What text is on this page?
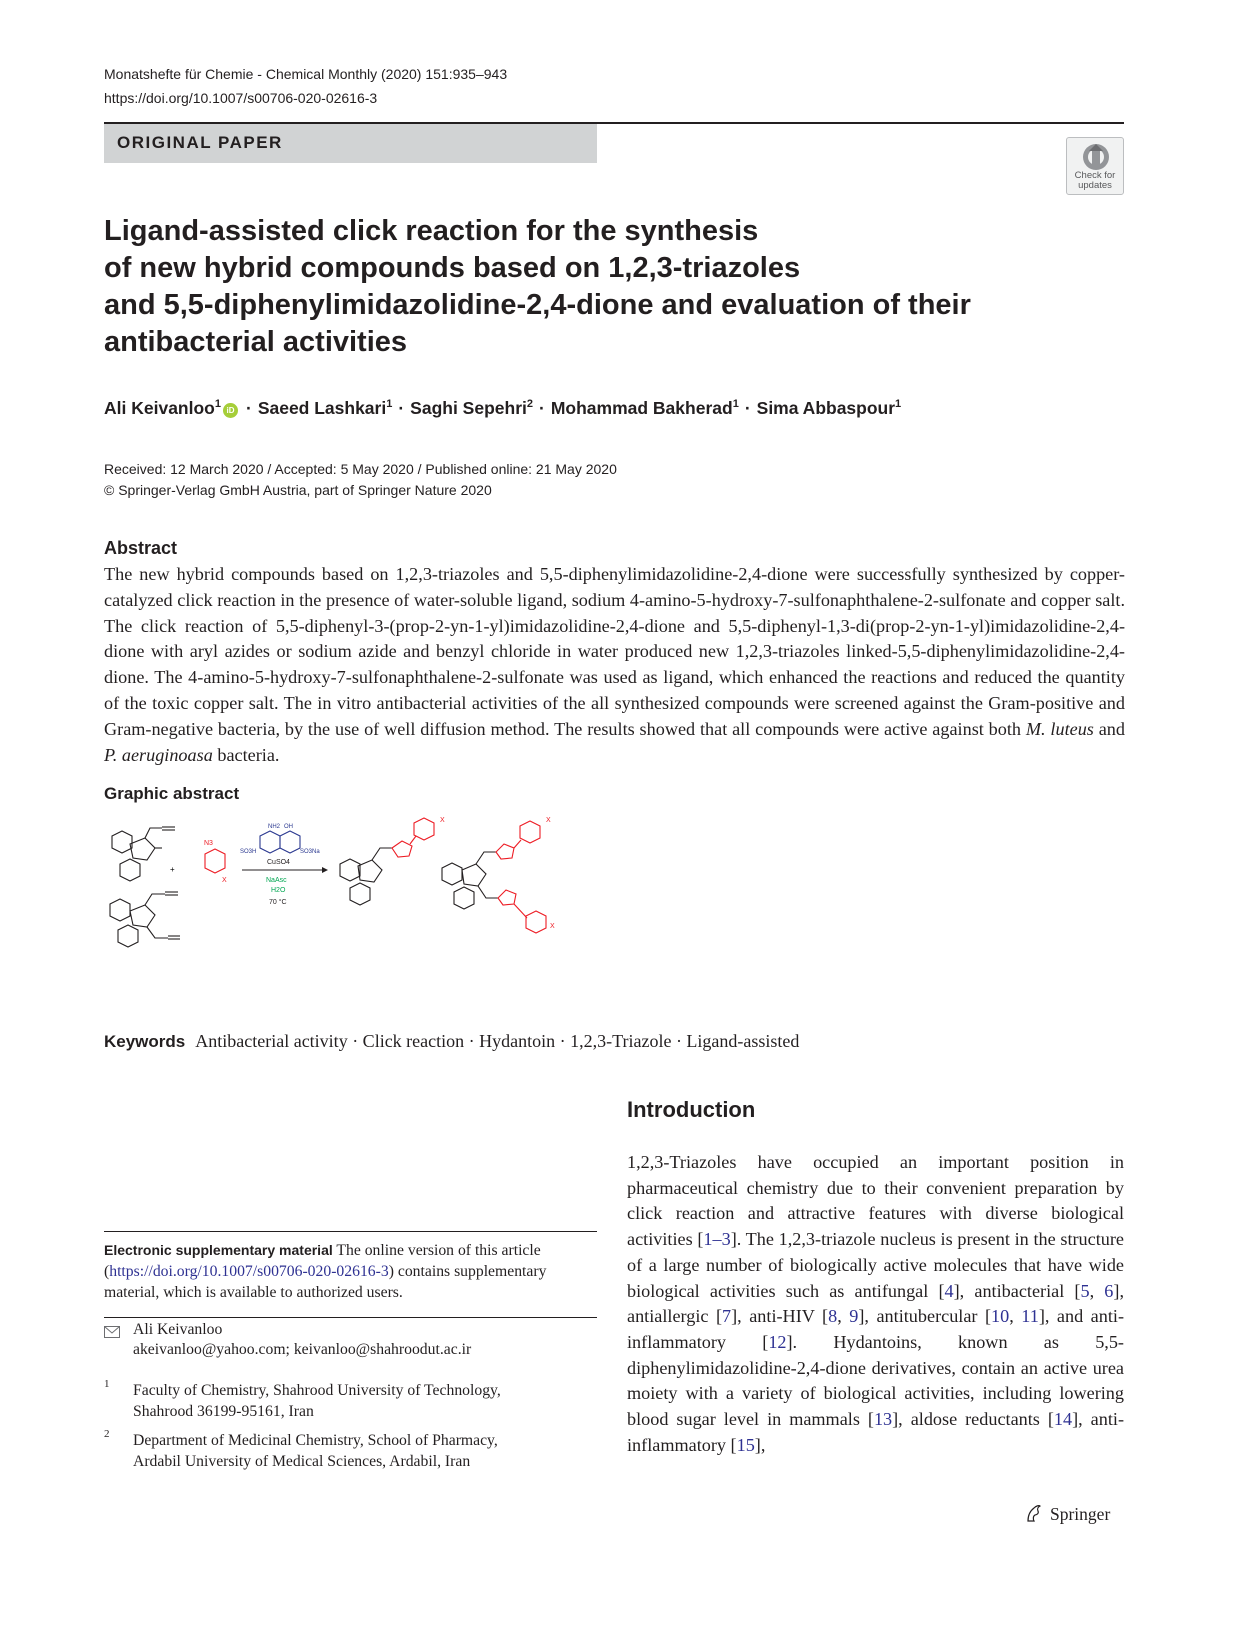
Monatshefte für Chemie - Chemical Monthly (2020) 151:935–943
https://doi.org/10.1007/s00706-020-02616-3
ORIGINAL PAPER
Check for
updates
Ligand-assisted click reaction for the synthesis
of new hybrid compounds based on 1,2,3-triazoles
and 5,5-diphenylimidazolidine-2,4-dione and evaluation of their
antibacterial activities
Ali Keivanloo$^1$iD · Saeed Lashkari$^1$ · Saghi Sepehri$^2$ · Mohammad Bakherad$^1$ · Sima Abbaspour$^1$
Received: 12 March 2020 / Accepted: 5 May 2020 / Published online: 21 May 2020
© Springer-Verlag GmbH Austria, part of Springer Nature 2020
Abstract

The new hybrid compounds based on 1,2,3-triazoles and 5,5-diphenylimidazolidine-2,4-dione were successfully synthesized by copper-catalyzed click reaction in the presence of water-soluble ligand, sodium 4-amino-5-hydroxy-7-sulfonaphthalene-2-sulfonate and copper salt. The click reaction of 5,5-diphenyl-3-(prop-2-yn-1-yl)imidazolidine-2,4-dione and 5,5-diphenyl-1,3-di(prop-2-yn-1-yl)imidazolidine-2,4-dione with aryl azides or sodium azide and benzyl chloride in water produced new 1,2,3-triazoles linked-5,5-diphenylimidazolidine-2,4-dione. The 4-amino-5-hydroxy-7-sulfonaphthalene-2-sulfonate was used as ligand, which enhanced the reactions and reduced the quantity of the toxic copper salt. The in vitro antibacterial activities of the all synthesized compounds were screened against the Gram-positive and Gram-negative bacteria, by the use of well diffusion method. The results showed that all compounds were active against both M. luteus and P. aeruginoasa bacteria.

Graphic abstract
+
N3
X
NH2 OH
SO3H	SO3Na
CuSO4
NaAsc
H2O
70 °C
X	X
X
Keywords Antibacterial activity · Click reaction · Hydantoin · 1,2,3-Triazole · Ligand-assisted
Introduction

1,2,3-Triazoles have occupied an important position in pharmaceutical chemistry due to their convenient preparation by click reaction and attractive features with diverse biological activities [1–3]. The 1,2,3-triazole nucleus is present in the structure of a large number of biologically active molecules that have wide biological activities such as antifungal [4], antibacterial [5, 6], antiallergic [7], anti-HIV [8, 9], antitubercular [10, 11], and anti-inflammatory [12]. Hydantoins, known as 5,5-diphenylimidazolidine-2,4-dione derivatives, contain an active urea moiety with a variety of biological activities, including lowering blood sugar level in mammals [13], aldose reductants [14], anti-inflammatory [15],

Electronic supplementary material The online version of this article (https://doi.org/10.1007/s00706-020-02616-3) contains supplementary material, which is available to authorized users.

Ali Keivanloo
akeivanloo@yahoo.com; keivanloo@shahroodut.ac.ir
1 Faculty of Chemistry, Shahrood University of Technology,
Shahrood 36199-95161, Iran
2 Department of Medicinal Chemistry, School of Pharmacy,
Ardabil University of Medical Sciences, Ardabil, Iran
Springer
